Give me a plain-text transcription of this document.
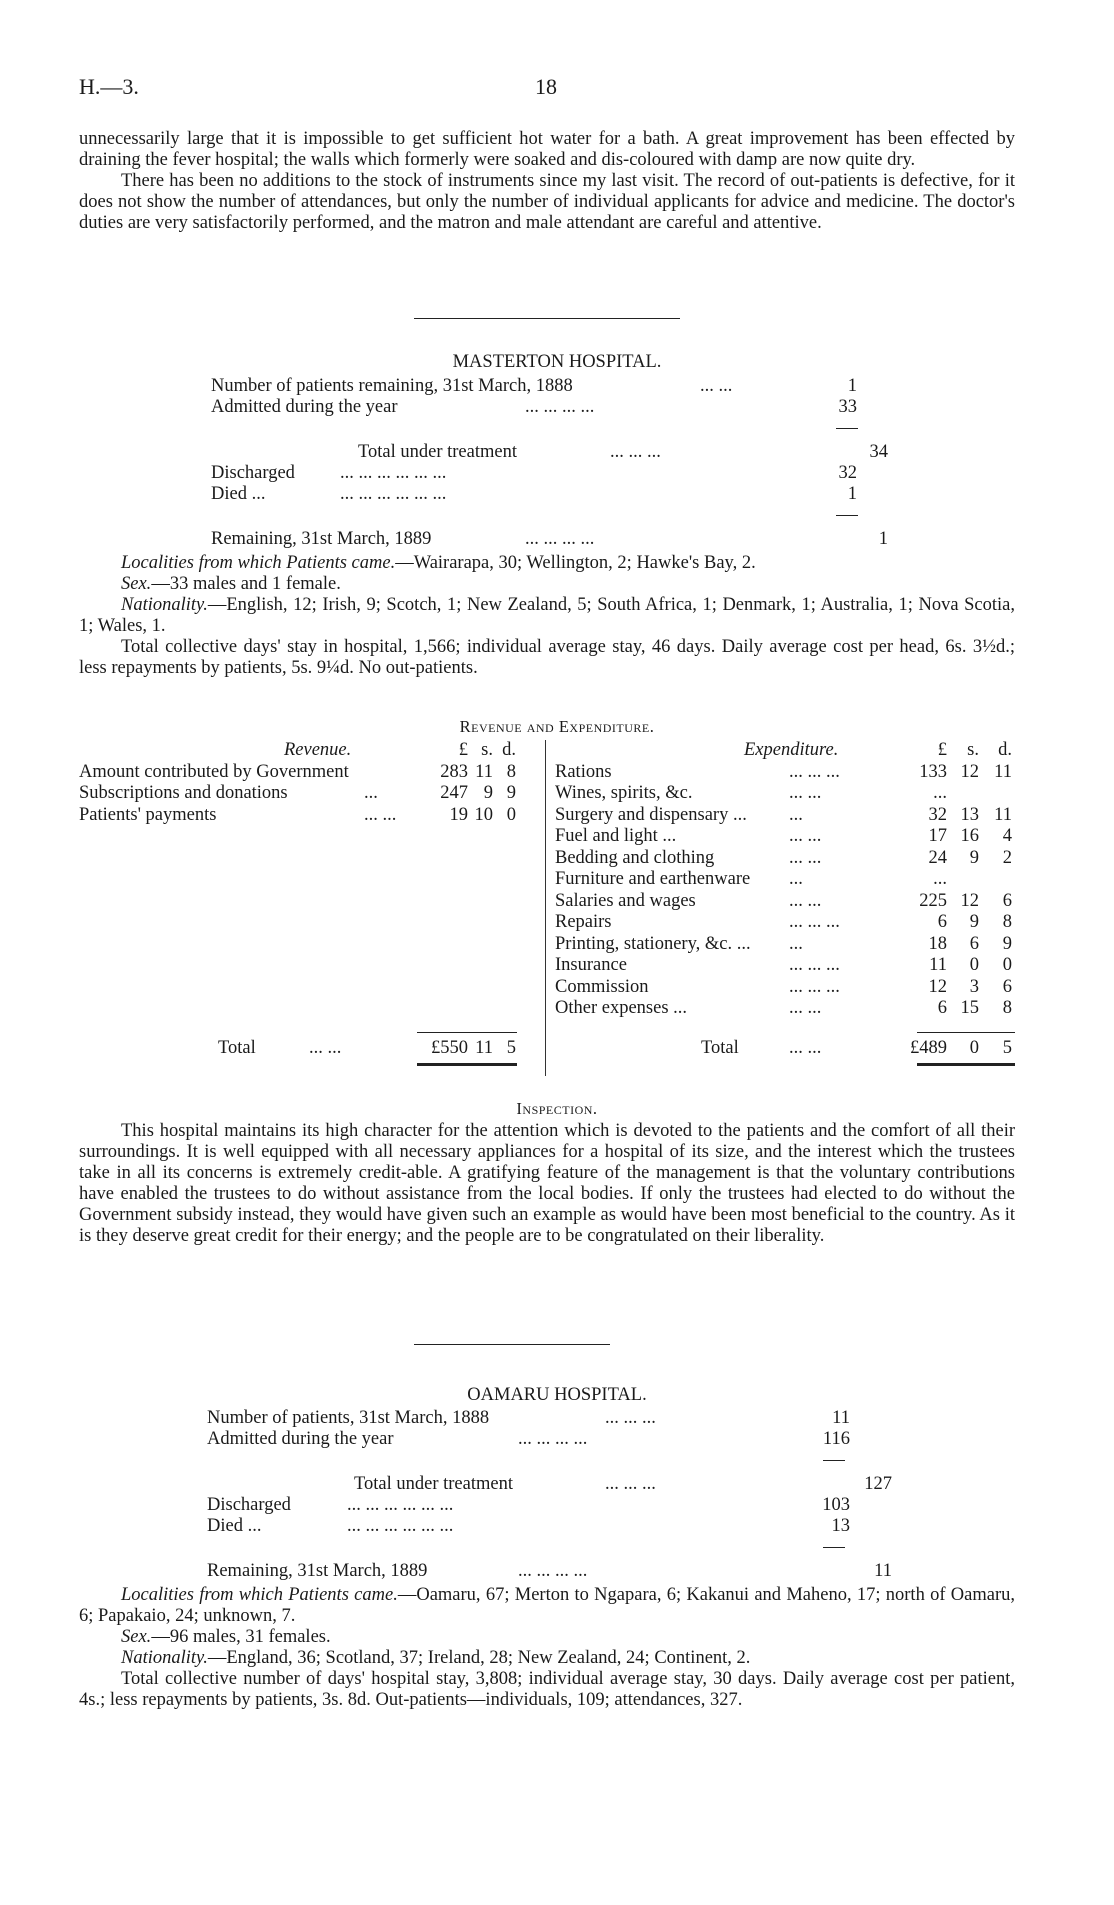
H.—3.	18

unnecessarily large that it is impossible to get sufficient hot water for a bath. A great improvement has been effected by draining the fever hospital; the walls which formerly were soaked and dis-coloured with damp are now quite dry.

There has been no additions to the stock of instruments since my last visit. The record of out-patients is defective, for it does not show the number of attendances, but only the number of individual applicants for advice and medicine. The doctor's duties are very satisfactorily performed, and the matron and male attendant are careful and attentive.

MASTERTON HOSPITAL.
Number of patients remaining, 31st March, 1888	... ...	1
Admitted during the year	... ... ... ...	33
Total under treatment	... ... ...	34
Discharged ... ... ... ... ... ...	32
Died ...	... ... ... ... ... ...	1
Remaining, 31st March, 1889	... ... ... ...	1

Localities from which Patients came.—Wairarapa, 30; Wellington, 2; Hawke's Bay, 2.

Sex.—33 males and 1 female.

Nationality.—English, 12; Irish, 9; Scotch, 1; New Zealand, 5; South Africa, 1; Denmark, 1; Australia, 1; Nova Scotia, 1; Wales, 1.

Total collective days' stay in hospital, 1,566; individual average stay, 46 days. Daily average cost per head, 6s. 3½d.; less repayments by patients, 5s. 9¼d. No out-patients.

Revenue and Expenditure.
Revenue.	£ s. d.	Expenditure.	£ s. d.
Amount contributed by Government	283 11 8 Rations	... ... ...	133 12 11
Subscriptions and donations	...	247 9 9 Wines, spirits, &c.	... ...	...
Patients' payments	... ...	19 10 0 Surgery and dispensary ... ...	32 13 11
Fuel and light ...	... ...	17 16 4
Bedding and clothing	... ...	24 9 2
Furniture and earthenware ...	...
Salaries and wages	... ...	225 12 6
Repairs	... ... ...	6 9 8
Printing, stationery, &c. ... ...	18 6 9
Insurance	... ... ...	11 0 0
Commission	... ... ...	12 3 6
Other expenses ...	... ...	6 15 8
Total	... ...	£550 11 5	Total	... ...	£489 0 5
Inspection.

This hospital maintains its high character for the attention which is devoted to the patients and the comfort of all their surroundings. It is well equipped with all necessary appliances for a hospital of its size, and the interest which the trustees take in all its concerns is extremely credit-able. A gratifying feature of the management is that the voluntary contributions have enabled the trustees to do without assistance from the local bodies. If only the trustees had elected to do without the Government subsidy instead, they would have given such an example as would have been most beneficial to the country. As it is they deserve great credit for their energy; and the people are to be congratulated on their liberality.

OAMARU HOSPITAL.
Number of patients, 31st March, 1888	... ... ...	11
Admitted during the year	... ... ... ...	116
Total under treatment	... ... ...	127
Discharged	... ... ... ... ... ...	103
Died ...	... ... ... ... ... ...	13
Remaining, 31st March, 1889	... ... ... ...	11

Localities from which Patients came.—Oamaru, 67; Merton to Ngapara, 6; Kakanui and Maheno, 17; north of Oamaru, 6; Papakaio, 24; unknown, 7.

Sex.—96 males, 31 females.

Nationality.—England, 36; Scotland, 37; Ireland, 28; New Zealand, 24; Continent, 2.

Total collective number of days' hospital stay, 3,808; individual average stay, 30 days. Daily average cost per patient, 4s.; less repayments by patients, 3s. 8d. Out-patients—individuals, 109; attendances, 327.
